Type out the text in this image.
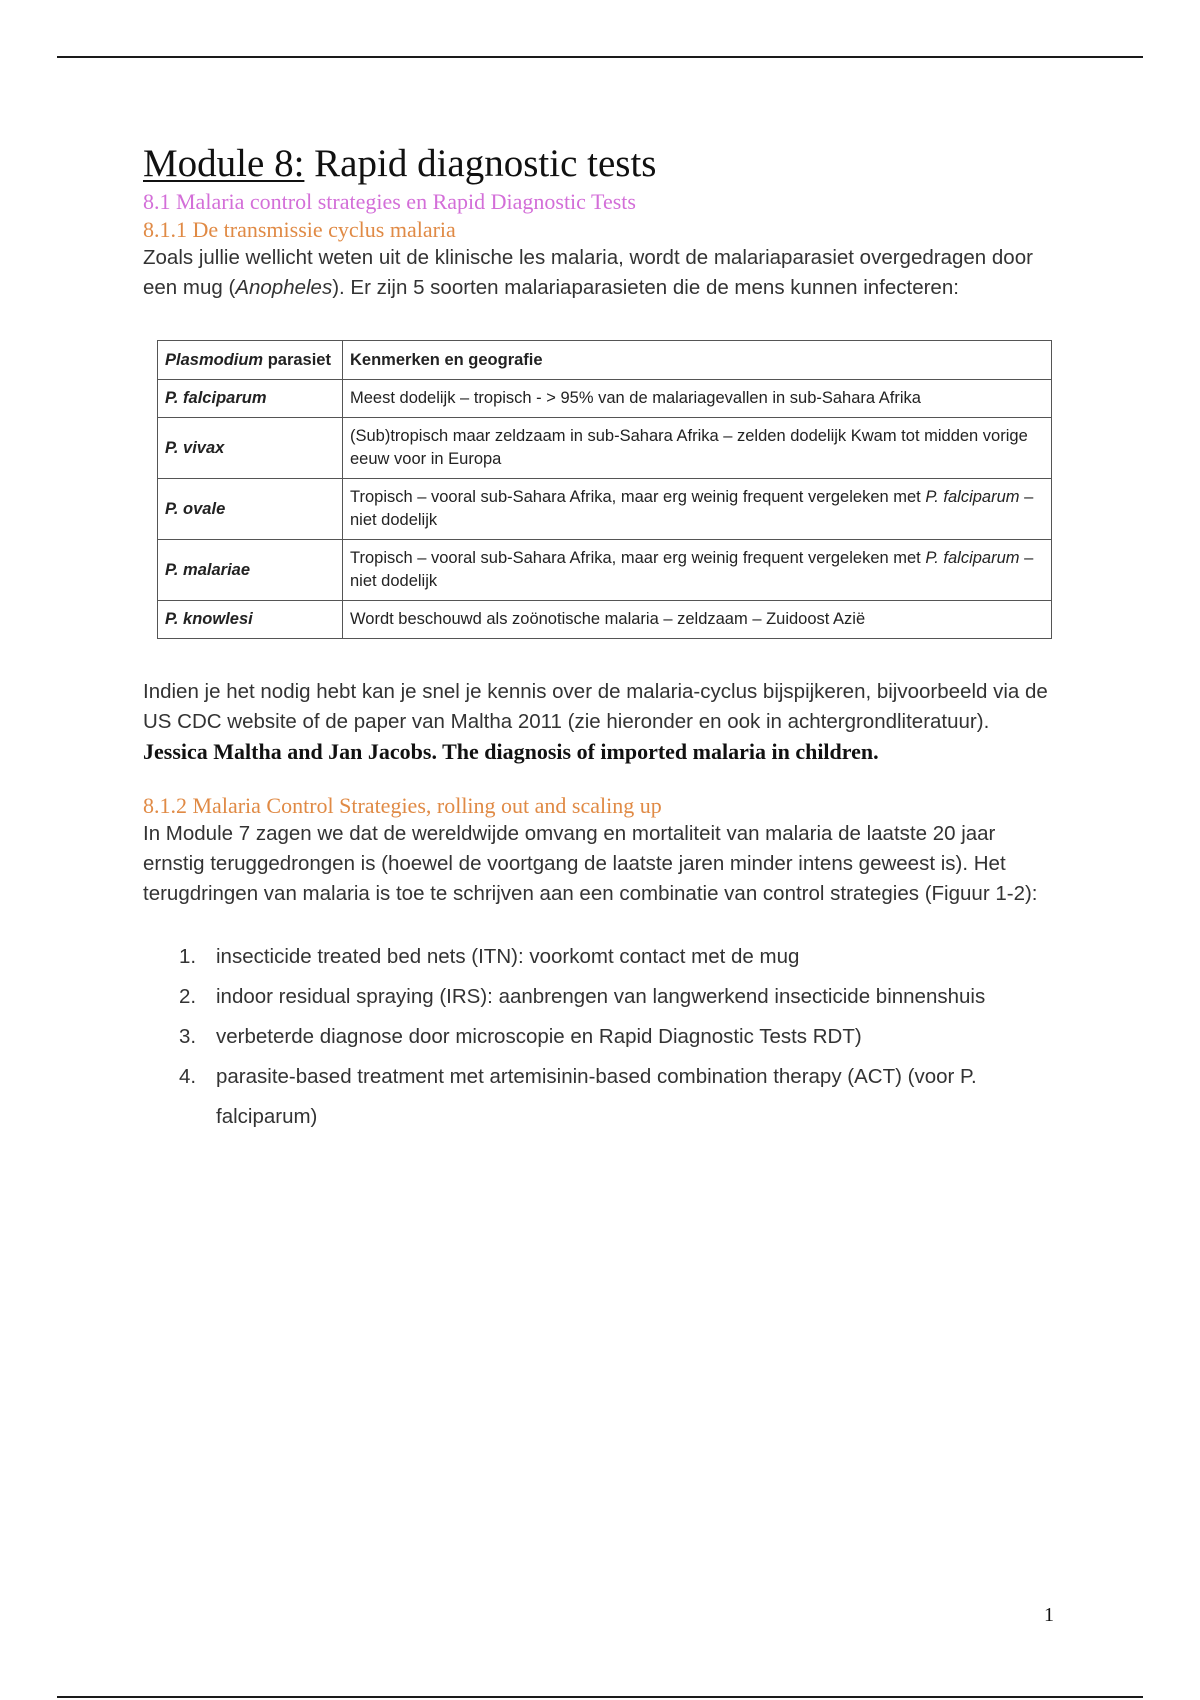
Module 8: Rapid diagnostic tests
8.1 Malaria control strategies en Rapid Diagnostic Tests
8.1.1 De transmissie cyclus malaria

Zoals jullie wellicht weten uit de klinische les malaria, wordt de malariaparasiet overgedragen door een mug (Anopheles). Er zijn 5 soorten malariaparasieten die de mens kunnen infecteren:

Plasmodium parasiet	Kenmerken en geografie
P. falciparum	Meest dodelijk – tropisch - > 95% van de malariagevallen in sub-Sahara Afrika
P. vivax	(Sub)tropisch maar zeldzaam in sub-Sahara Afrika – zelden dodelijk Kwam tot midden vorige eeuw voor in Europa
P. ovale	Tropisch – vooral sub-Sahara Afrika, maar erg weinig frequent vergeleken met P. falciparum – niet dodelijk
P. malariae	Tropisch – vooral sub-Sahara Afrika, maar erg weinig frequent vergeleken met P. falciparum – niet dodelijk
P. knowlesi	Wordt beschouwd als zoönotische malaria – zeldzaam – Zuidoost Azië

Indien je het nodig hebt kan je snel je kennis over de malaria-cyclus bijspijkeren, bijvoorbeeld via de US CDC website of de paper van Maltha 2011 (zie hieronder en ook in achtergrondliteratuur). Jessica Maltha and Jan Jacobs. The diagnosis of imported malaria in children.

8.1.2 Malaria Control Strategies, rolling out and scaling up

In Module 7 zagen we dat de wereldwijde omvang en mortaliteit van malaria de laatste 20 jaar ernstig teruggedrongen is (hoewel de voortgang de laatste jaren minder intens geweest is). Het terugdringen van malaria is toe te schrijven aan een combinatie van control strategies (Figuur 1-2):

1. insecticide treated bed nets (ITN): voorkomt contact met de mug
2. indoor residual spraying (IRS): aanbrengen van langwerkend insecticide binnenshuis
3. verbeterde diagnose door microscopie en Rapid Diagnostic Tests RDT)
4. parasite-based treatment met artemisinin-based combination therapy (ACT) (voor P. falciparum)
1
